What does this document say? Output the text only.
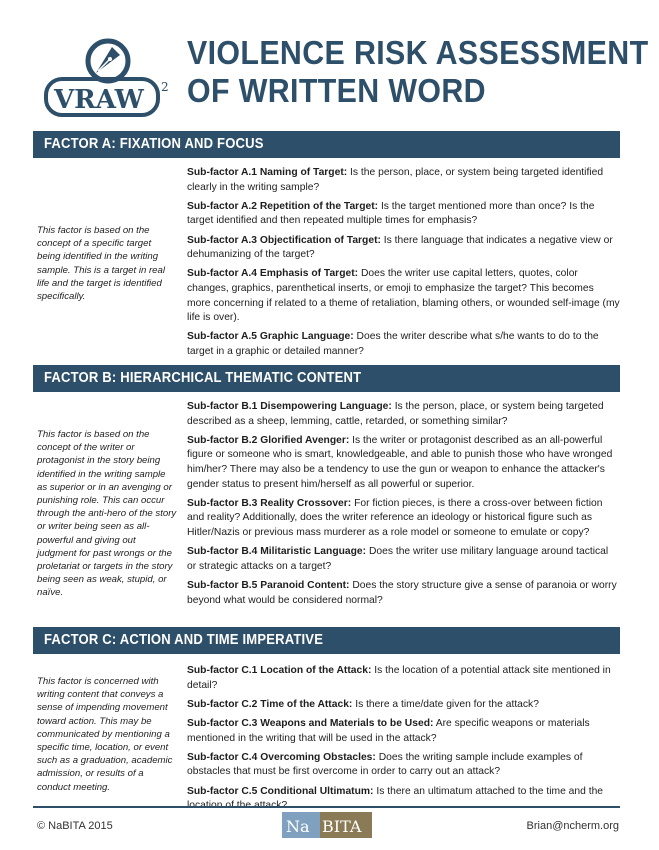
VRAW 2
VIOLENCE RISK ASSESSMENT
OF WRITTEN WORD
FACTOR A: FIXATION AND FOCUS
This factor is based on the concept of a specific target being identified in the writing sample. This is a target in real life and the target is identified specifically.
Sub-factor A.1 Naming of Target: Is the person, place, or system being targeted identified clearly in the writing sample?
Sub-factor A.2 Repetition of the Target: Is the target mentioned more than once? Is the target identified and then repeated multiple times for emphasis?
Sub-factor A.3 Objectification of Target: Is there language that indicates a negative view or dehumanizing of the target?
Sub-factor A.4 Emphasis of Target: Does the writer use capital letters, quotes, color changes, graphics, parenthetical inserts, or emoji to emphasize the target? This becomes more concerning if related to a theme of retaliation, blaming others, or wounded self-image (my life is over).
Sub-factor A.5 Graphic Language: Does the writer describe what s/he wants to do to the target in a graphic or detailed manner?
FACTOR B: HIERARCHICAL THEMATIC CONTENT
This factor is based on the concept of the writer or protagonist in the story being identified in the writing sample as superior or in an avenging or punishing role. This can occur through the anti-hero of the story or writer being seen as all-powerful and giving out judgment for past wrongs or the proletariat or targets in the story being seen as weak, stupid, or naïve.
Sub-factor B.1 Disempowering Language: Is the person, place, or system being targeted described as a sheep, lemming, cattle, retarded, or something similar?
Sub-factor B.2 Glorified Avenger: Is the writer or protagonist described as an all-powerful figure or someone who is smart, knowledgeable, and able to punish those who have wronged him/her? There may also be a tendency to use the gun or weapon to enhance the attacker's gender status to present him/herself as all powerful or superior.
Sub-factor B.3 Reality Crossover: For fiction pieces, is there a cross-over between fiction and reality? Additionally, does the writer reference an ideology or historical figure such as Hitler/Nazis or previous mass murderer as a role model or someone to emulate or copy?
Sub-factor B.4 Militaristic Language: Does the writer use military language around tactical or strategic attacks on a target?
Sub-factor B.5 Paranoid Content: Does the story structure give a sense of paranoia or worry beyond what would be considered normal?
FACTOR C: ACTION AND TIME IMPERATIVE
This factor is concerned with writing content that conveys a sense of impending movement toward action. This may be communicated by mentioning a specific time, location, or event such as a graduation, academic admission, or results of a conduct meeting.
Sub-factor C.1 Location of the Attack: Is the location of a potential attack site mentioned in detail?
Sub-factor C.2 Time of the Attack: Is there a time/date given for the attack?
Sub-factor C.3 Weapons and Materials to be Used: Are specific weapons or materials mentioned in the writing that will be used in the attack?
Sub-factor C.4 Overcoming Obstacles: Does the writing sample include examples of obstacles that must be first overcome in order to carry out an attack?
Sub-factor C.5 Conditional Ultimatum: Is there an ultimatum attached to the time and the
© NaBITA 2015	Na BITA	Brian@ncherm.org
